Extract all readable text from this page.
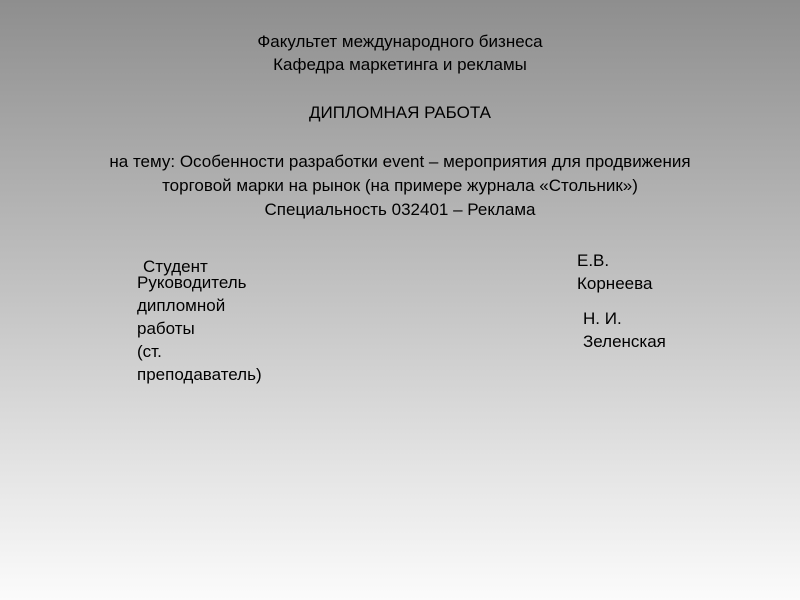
Факультет международного бизнеса
Кафедра маркетинга и рекламы
ДИПЛОМНАЯ РАБОТА
на тему: Особенности разработки event – мероприятия для продвижения
торговой марки на рынок (на примере журнала «Стольник»)
Специальность 032401 – Реклама
Студент
Руководитель
дипломной
работы
(ст.
преподаватель)
Е.В.
Корнеева
Н. И.
Зеленская
